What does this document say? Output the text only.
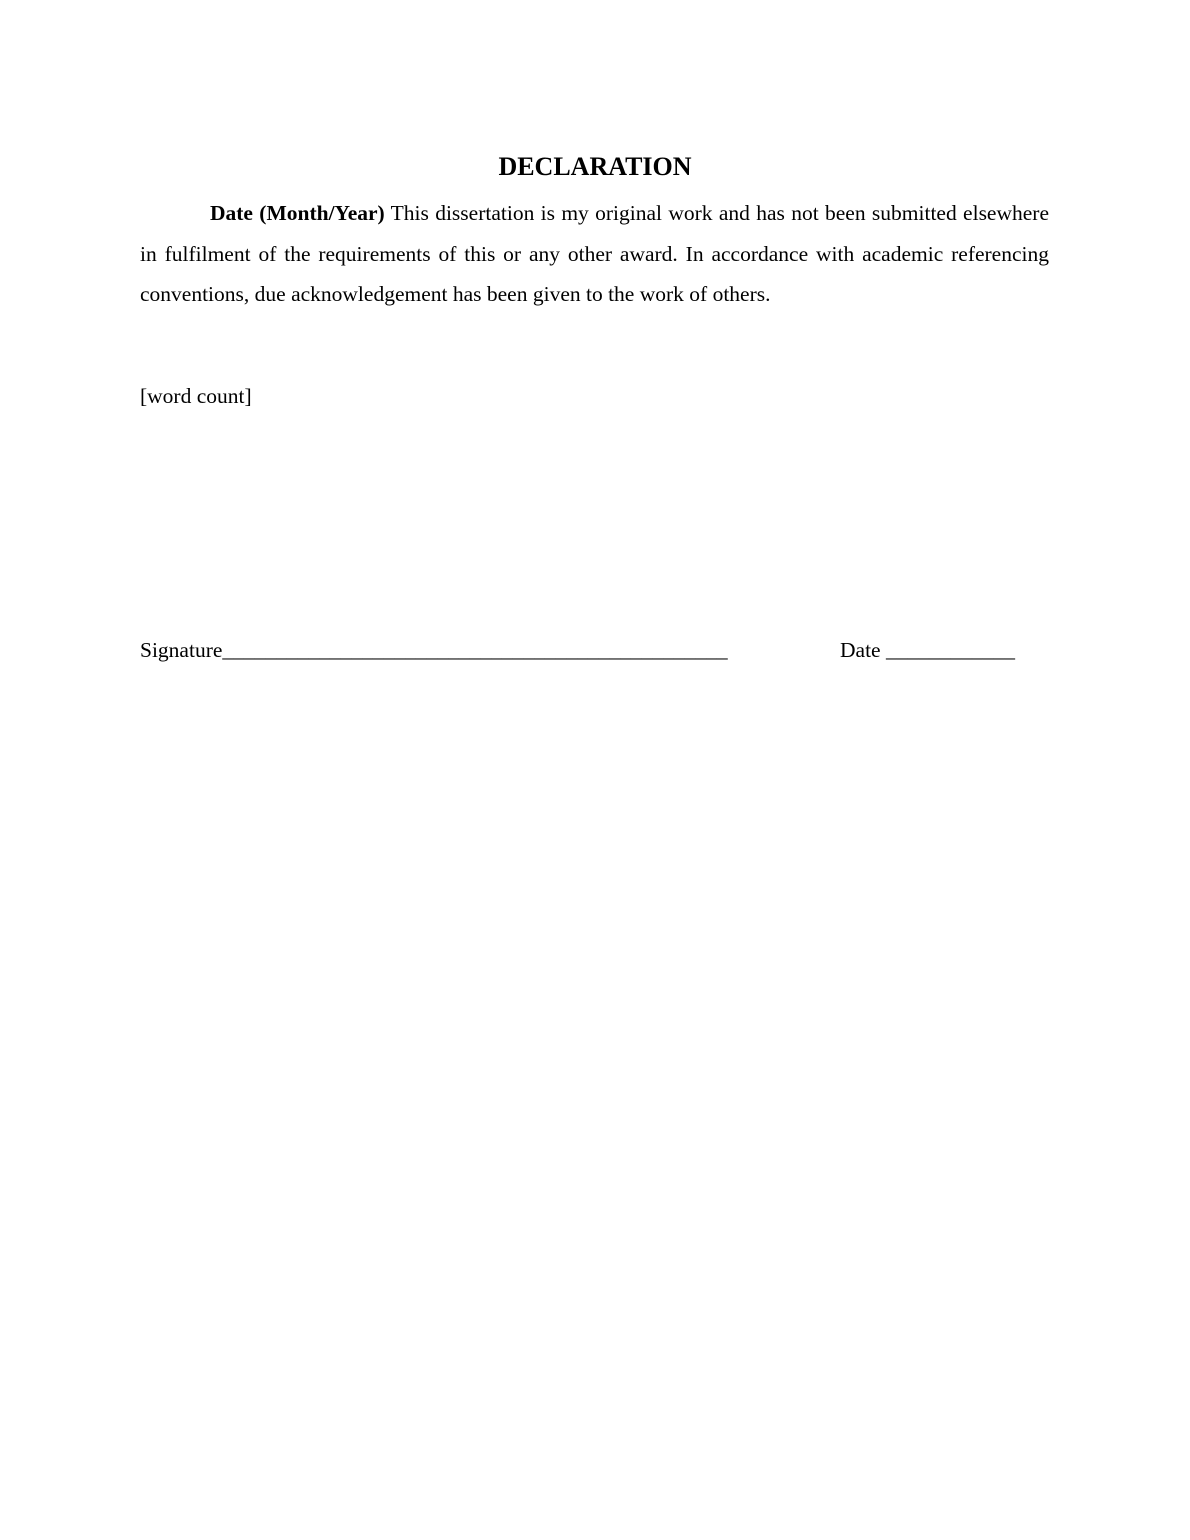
DECLARATION

Date (Month/Year) This dissertation is my original work and has not been submitted elsewhere in fulfilment of the requirements of this or any other award. In accordance with academic referencing conventions, due acknowledgement has been given to the work of others.

[word count]

Signature_______________________________________________	Date ____________
